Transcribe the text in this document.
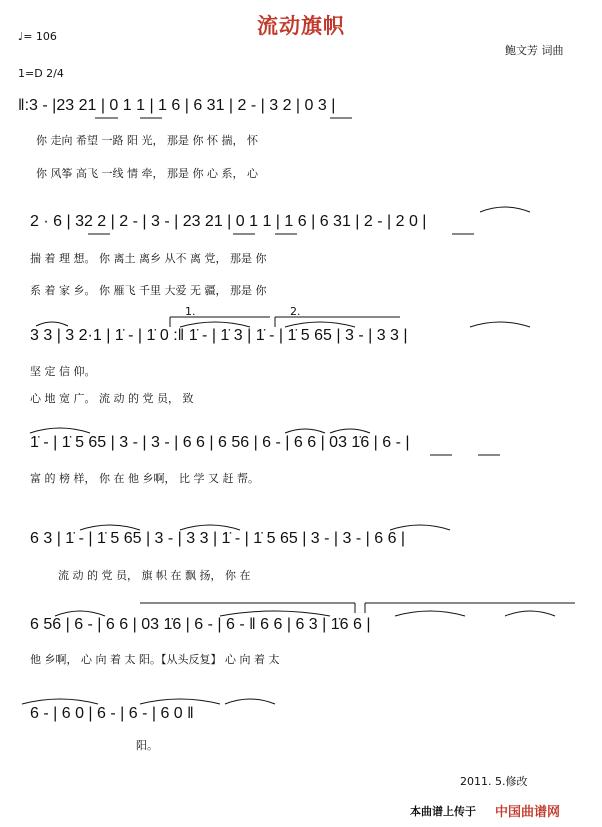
流动旗帜
♩= 106
鲍文芳 词曲
1=D 2/4
‖:3 - |23 21 | 0 1 1 | 1 6 | 6 31 | 2 - | 3 2 | 0 3 |
你 走向 希望 一路 阳 光， 那是 你 怀 揣， 怀
你 风筝 高飞 一线 情 牵， 那是 你 心 系， 心
2 · 6 | 32 2 | 2 - | 3 - | 23 21 | 0 1 1 | 1 6 | 6 31 | 2 - | 2 0 |
揣 着 理 想。 你 离土 离乡 从不 离 党， 那是 你
系 着 家 乡。 你 雁飞 千里 大爱 无 疆， 那是 你
3 3 | 3 2·1 | 1̇ - | 1̇ 0 :‖ 1̇ - | 1̇ 3 | 1̇ - | 1̇ 5 65 | 3 - | 3 3 |
坚 定 信 仰。
心 地 宽 广。 流 动 的 党 员， 致
1̇ - | 1̇ 5 65 | 3 - | 3 - | 6 6 | 6 56 | 6 - | 6 6 | 03 1̇6 | 6 - |
富 的 榜 样， 你 在 他 乡啊， 比 学 又 赶 帮。
6 3 | 1̇ - | 1̇ 5 65 | 3 - | 3 3 | 1̇ - | 1̇ 5 65 | 3 - | 3 - | 6 6 |
流 动 的 党 员， 旗 帜 在 飘 扬， 你 在
6 56 | 6 - | 6 6 | 03 1̇6 | 6 - | 6 - ‖ 6 6 | 6 3 | 1̇6 6 |
他 乡啊， 心 向 着 太 阳。【从头反复】 心 向 着 太
6 - | 6 0 | 6 - | 6 - | 6 0 ‖
阳。
1.	2.
2011. 5.修改
本曲谱上传于 中国曲谱网
